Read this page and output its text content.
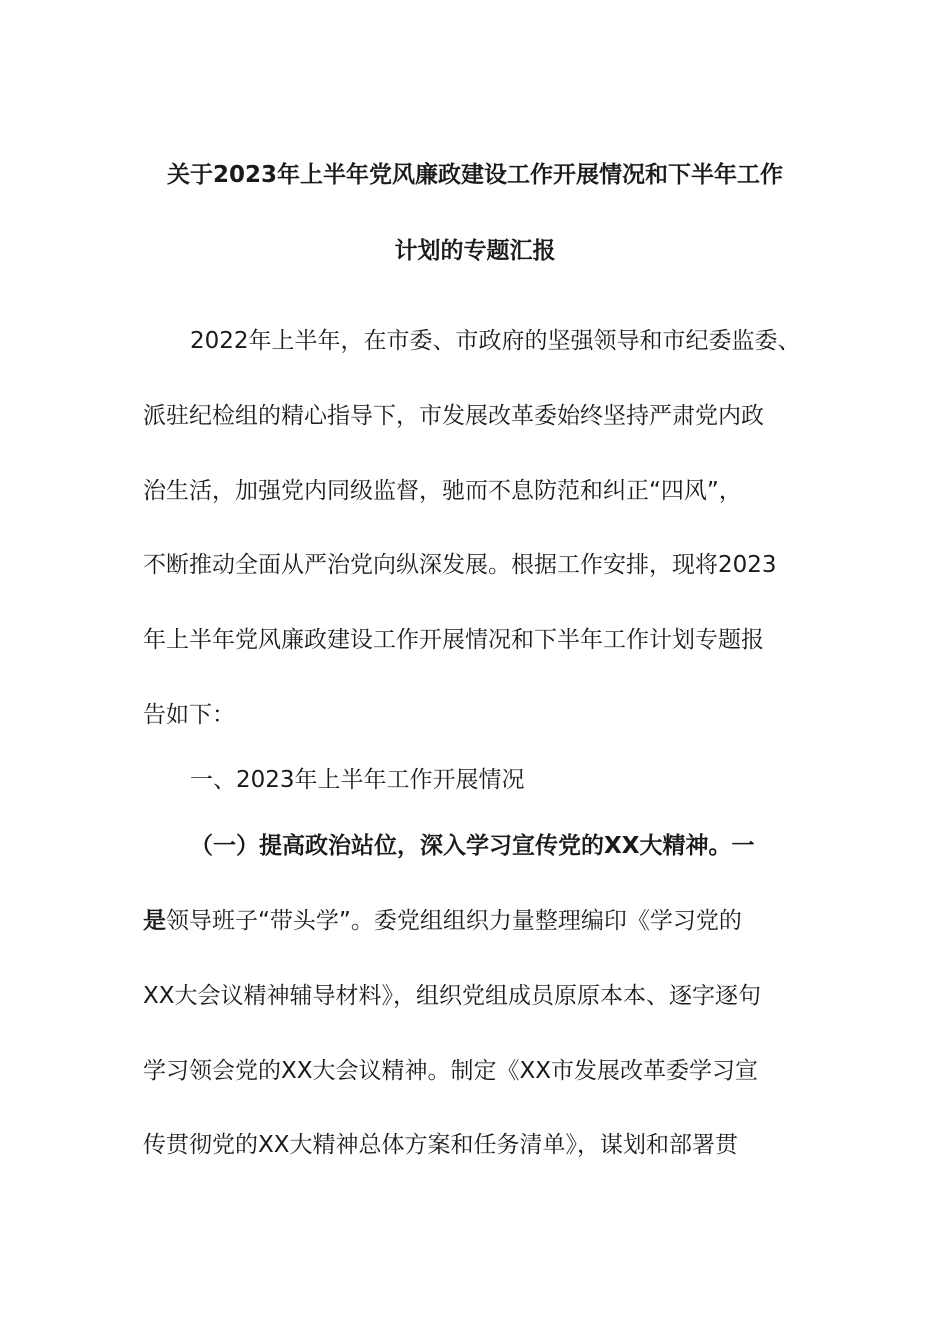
关于2023年上半年党风廉政建设工作开展情况和下半年工作
计划的专题汇报
2022年上半年，在市委、市政府的坚强领导和市纪委监委、
派驻纪检组的精心指导下，市发展改革委始终坚持严肃党内政
治生活，加强党内同级监督，驰而不息防范和纠正“四风”，
不断推动全面从严治党向纵深发展。根据工作安排，现将2023
年上半年党风廉政建设工作开展情况和下半年工作计划专题报
告如下：
一、2023年上半年工作开展情况
（一）提高政治站位，深入学习宣传党的XX大精神。一
是领导班子“带头学”。委党组组织力量整理编印《学习党的
XX大会议精神辅导材料》，组织党组成员原原本本、逐字逐句
学习领会党的XX大会议精神。制定《XX市发展改革委学习宣
传贯彻党的XX大精神总体方案和任务清单》，谋划和部署贯
